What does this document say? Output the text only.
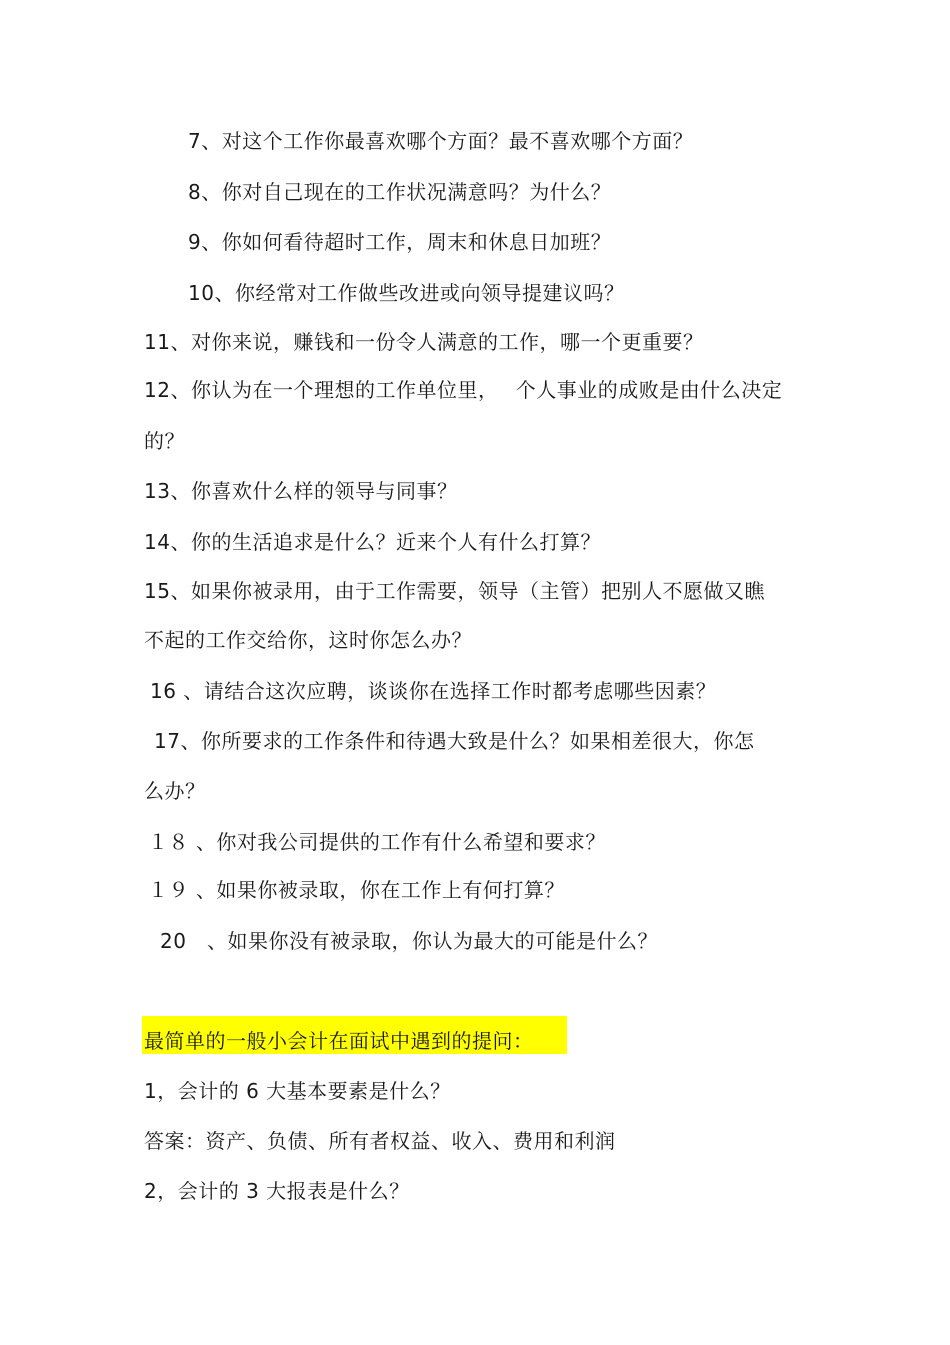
7、对这个工作你最喜欢哪个方面？最不喜欢哪个方面？
8、你对自己现在的工作状况满意吗？为什么？
9、你如何看待超时工作，周末和休息日加班？
10、你经常对工作做些改进或向领导提建议吗？
11、对你来说，赚钱和一份令人满意的工作，哪一个更重要？
12、你认为在一个理想的工作单位里，　 个人事业的成败是由什么决定
的？
13、你喜欢什么样的领导与同事？
14、你的生活追求是什么？近来个人有什么打算？
15、如果你被录用，由于工作需要，领导（主管）把别人不愿做又瞧
不起的工作交给你，这时你怎么办？
16 、请结合这次应聘，谈谈你在选择工作时都考虑哪些因素？
17、你所要求的工作条件和待遇大致是什么？如果相差很大，你怎
么办？
１８ 、你对我公司提供的工作有什么希望和要求？
１９ 、如果你被录取，你在工作上有何打算？
20　、如果你没有被录取，你认为最大的可能是什么？
最简单的一般小会计在面试中遇到的提问：
1，会计的 6 大基本要素是什么？
答案：资产、负债、所有者权益、收入、费用和利润
2，会计的 3 大报表是什么？
